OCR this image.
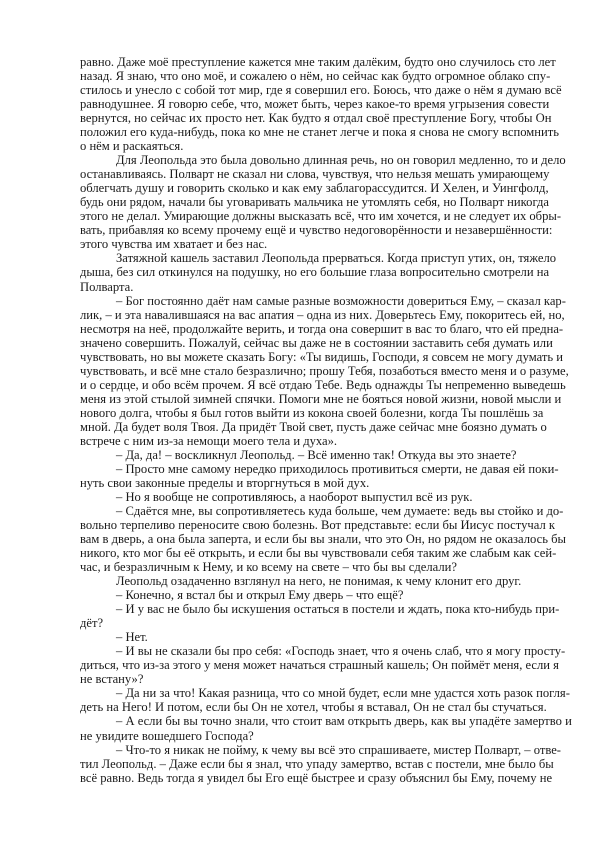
равно. Даже моё преступление кажется мне таким далёким, будто оно случилось сто лет
назад. Я знаю, что оно моё, и сожалею о нём, но сейчас как будто огромное облако спу-
стилось и унесло с собой тот мир, где я совершил его. Боюсь, что даже о нём я думаю всё
равнодушнее. Я говорю себе, что, может быть, через какое-то время угрызения совести
вернутся, но сейчас их просто нет. Как будто я отдал своё преступление Богу, чтобы Он
положил его куда-нибудь, пока ко мне не станет легче и пока я снова не смогу вспомнить
о нём и раскаяться.
Для Леопольда это была довольно длинная речь, но он говорил медленно, то и дело
останавливаясь. Полварт не сказал ни слова, чувствуя, что нельзя мешать умирающему
облегчать душу и говорить сколько и как ему заблагорассудится. И Хелен, и Уингфолд,
будь они рядом, начали бы уговаривать мальчика не утомлять себя, но Полварт никогда
этого не делал. Умирающие должны высказать всё, что им хочется, и не следует их обры-
вать, прибавляя ко всему прочему ещё и чувство недоговорённости и незавершённости:
этого чувства им хватает и без нас.
Затяжной кашель заставил Леопольда прерваться. Когда приступ утих, он, тяжело
дыша, без сил откинулся на подушку, но его большие глаза вопросительно смотрели на
Полварта.
– Бог постоянно даёт нам самые разные возможности довериться Ему, – сказал кар-
лик, – и эта навалившаяся на вас апатия – одна из них. Доверьтесь Ему, покоритесь ей, но,
несмотря на неё, продолжайте верить, и тогда она совершит в вас то благо, что ей предна-
значено совершить. Пожалуй, сейчас вы даже не в состоянии заставить себя думать или
чувствовать, но вы можете сказать Богу: «Ты видишь, Господи, я совсем не могу думать и
чувствовать, и всё мне стало безразлично; прошу Тебя, позаботься вместо меня и о разуме,
и о сердце, и обо всём прочем. Я всё отдаю Тебе. Ведь однажды Ты непременно выведешь
меня из этой стылой зимней спячки. Помоги мне не бояться новой жизни, новой мысли и
нового долга, чтобы я был готов выйти из кокона своей болезни, когда Ты пошлёшь за
мной. Да будет воля Твоя. Да придёт Твой свет, пусть даже сейчас мне боязно думать о
встрече с ним из-за немощи моего тела и духа».
– Да, да! – воскликнул Леопольд. – Всё именно так! Откуда вы это знаете?
– Просто мне самому нередко приходилось противиться смерти, не давая ей поки-
нуть свои законные пределы и вторгнуться в мой дух.
– Но я вообще не сопротивляюсь, а наоборот выпустил всё из рук.
– Сдаётся мне, вы сопротивляетесь куда больше, чем думаете: ведь вы стойко и до-
вольно терпеливо переносите свою болезнь. Вот представьте: если бы Иисус постучал к
вам в дверь, а она была заперта, и если бы вы знали, что это Он, но рядом не оказалось бы
никого, кто мог бы её открыть, и если бы вы чувствовали себя таким же слабым как сей-
час, и безразличным к Нему, и ко всему на свете – что бы вы сделали?
Леопольд озадаченно взглянул на него, не понимая, к чему клонит его друг.
– Конечно, я встал бы и открыл Ему дверь – что ещё?
– И у вас не было бы искушения остаться в постели и ждать, пока кто-нибудь при-
дёт?
– Нет.
– И вы не сказали бы про себя: «Господь знает, что я очень слаб, что я могу просту-
диться, что из-за этого у меня может начаться страшный кашель; Он поймёт меня, если я
не встану»?
– Да ни за что! Какая разница, что со мной будет, если мне удастся хоть разок погля-
деть на Него! И потом, если бы Он не хотел, чтобы я вставал, Он не стал бы стучаться.
– А если бы вы точно знали, что стоит вам открыть дверь, как вы упадёте замертво и
не увидите вошедшего Господа?
– Что-то я никак не пойму, к чему вы всё это спрашиваете, мистер Полварт, – отве-
тил Леопольд. – Даже если бы я знал, что упаду замертво, встав с постели, мне было бы
всё равно. Ведь тогда я увидел бы Его ещё быстрее и сразу объяснил бы Ему, почему не
